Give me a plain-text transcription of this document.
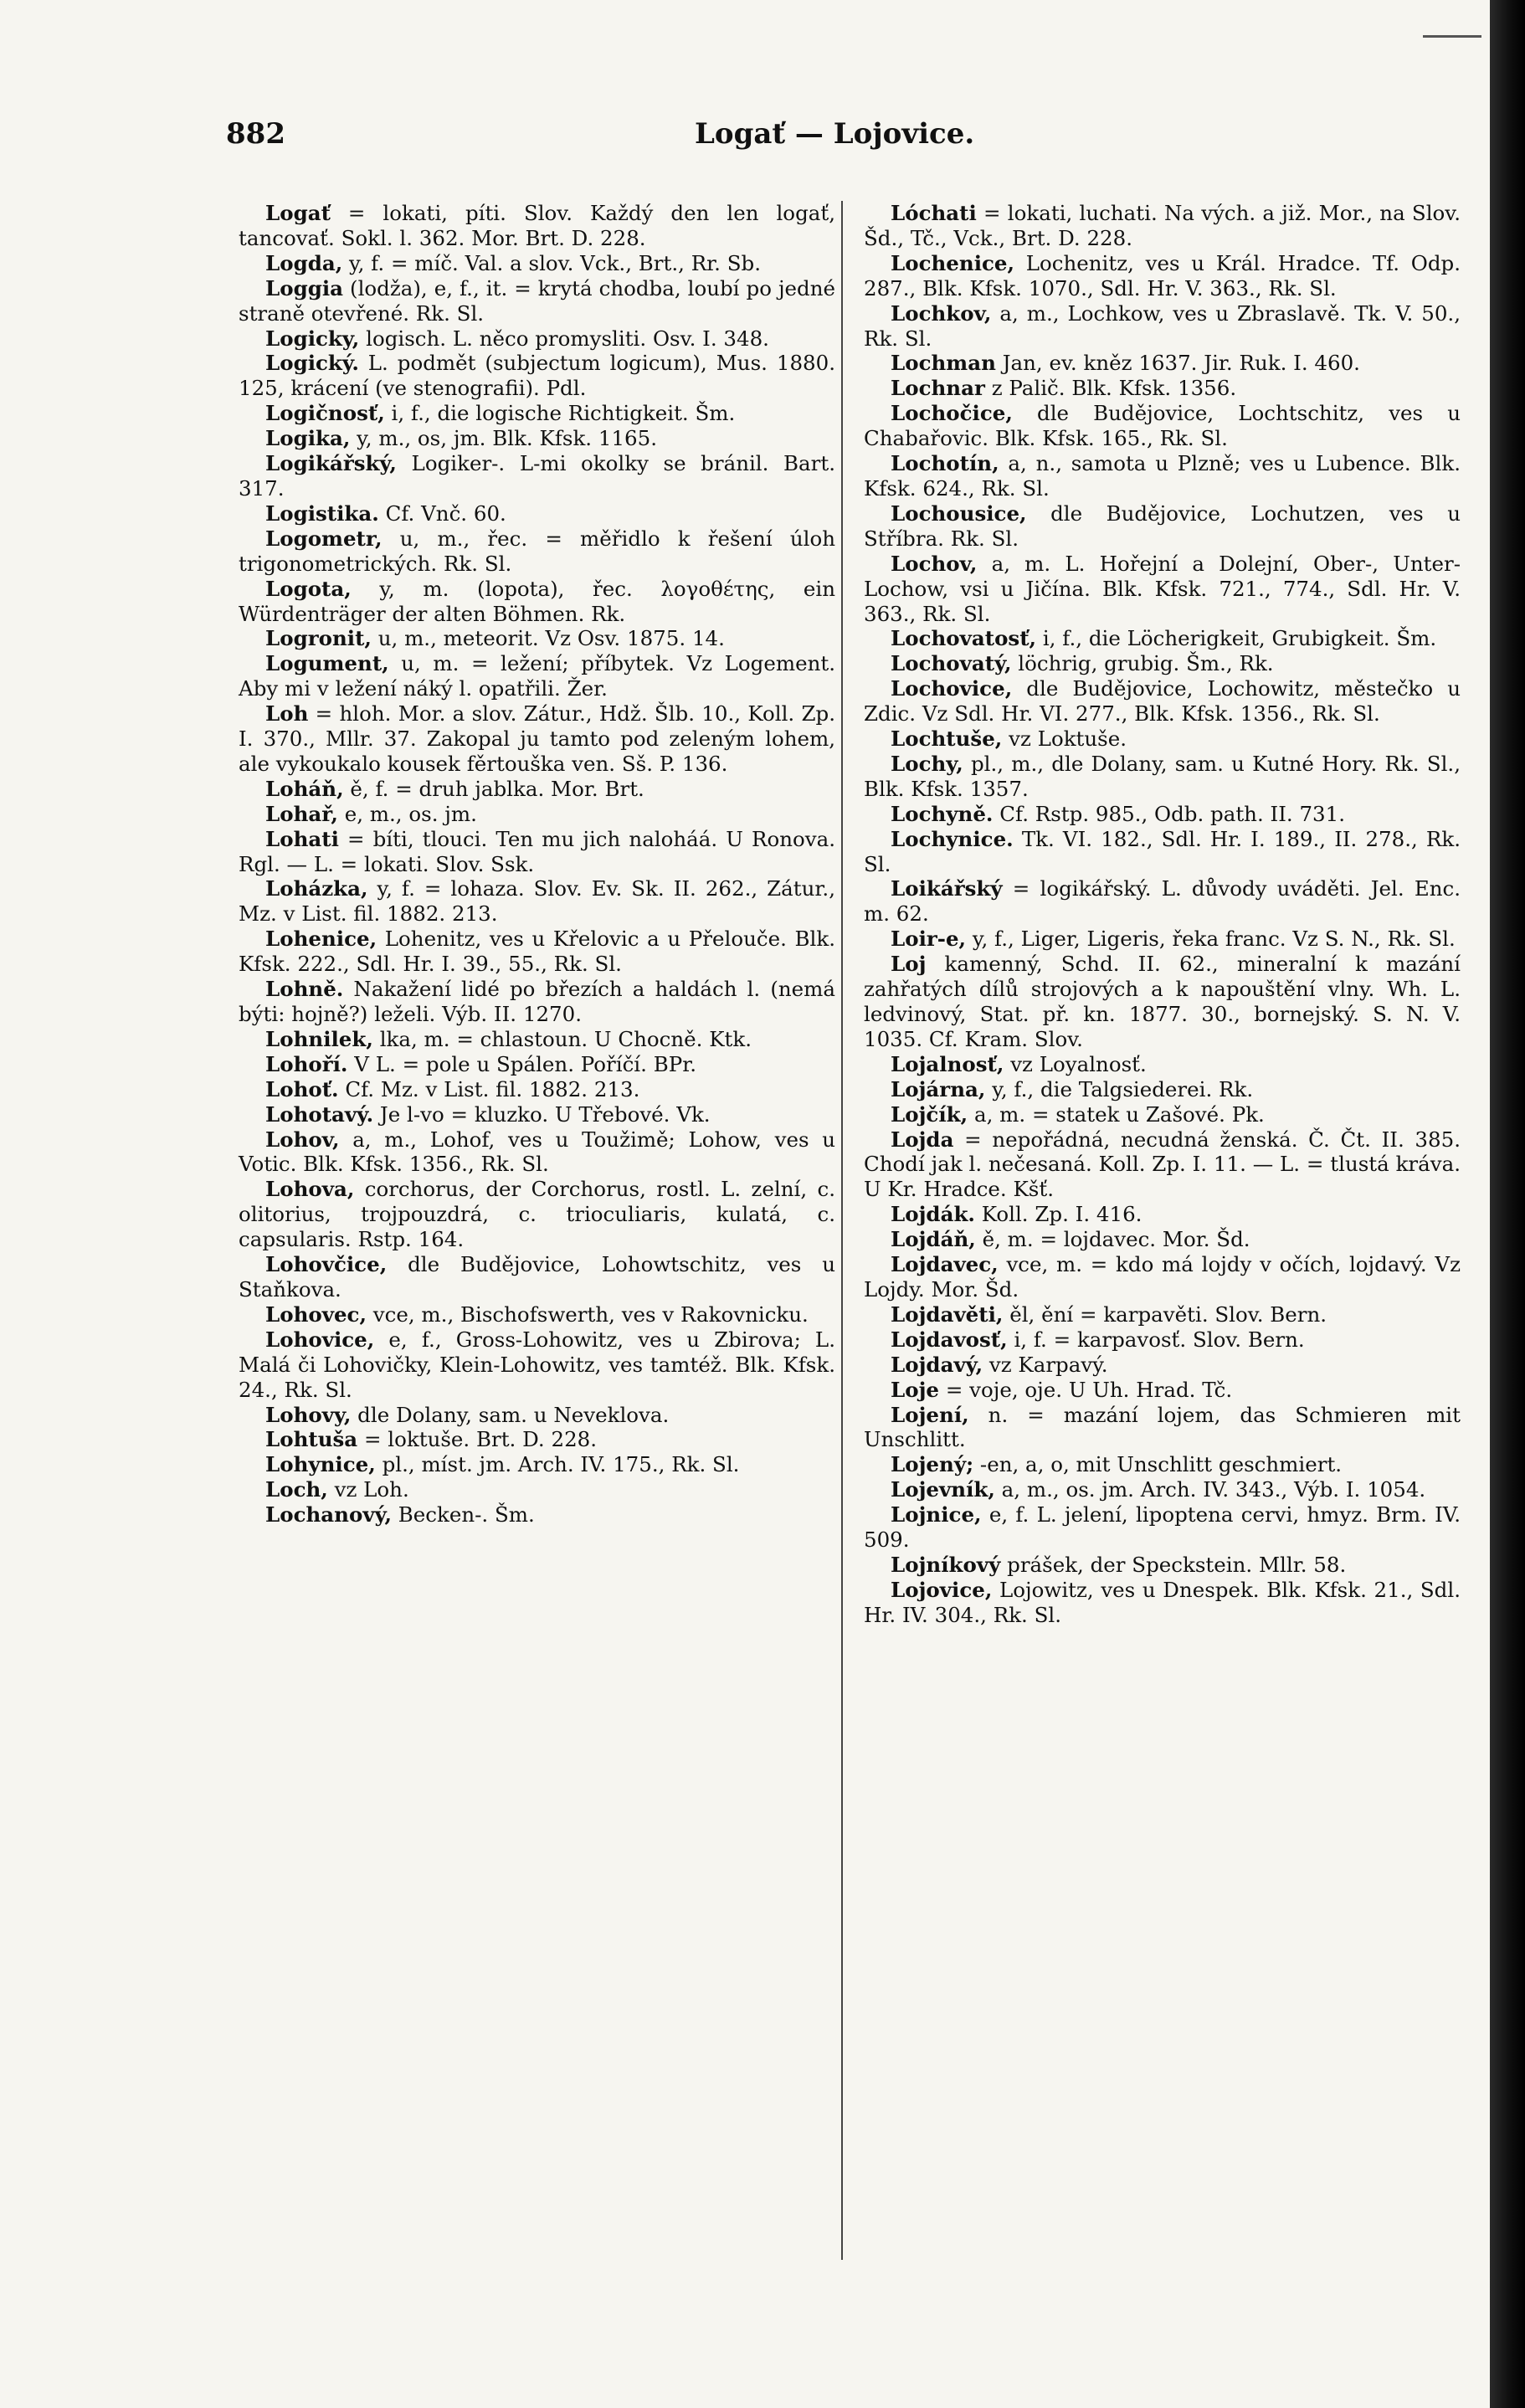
882	Logať — Lojovice.

Logať = lokati, píti. Slov. Každý den len logať, tancovať. Sokl. l. 362. Mor. Brt. D. 228.

Logda, y, f. = míč. Val. a slov. Vck., Brt., Rr. Sb.

Loggia (lodža), e, f., it. = krytá chodba, loubí po jedné straně otevřené. Rk. Sl.

Logicky, logisch. L. něco promysliti. Osv. I. 348.

Logický. L. podmět (subjectum logicum), Mus. 1880. 125, krácení (ve stenografii). Pdl.

Logičnosť, i, f., die logische Richtigkeit. Šm.

Logika, y, m., os, jm. Blk. Kfsk. 1165.

Logikářský, Logiker-. L-mi okolky se bránil. Bart. 317.

Logistika. Cf. Vnč. 60.

Logometr, u, m., řec. = měřidlo k řešení úloh trigonometrických. Rk. Sl.

Logota, y, m. (lopota), řec. λογοθέτης, ein Würdenträger der alten Böhmen. Rk.

Logronit, u, m., meteorit. Vz Osv. 1875. 14.

Logument, u, m. = ležení; příbytek. Vz Logement. Aby mi v ležení náký l. opatřili. Žer.

Loh = hloh. Mor. a slov. Zátur., Hdž. Šlb. 10., Koll. Zp. I. 370., Mllr. 37. Zakopal ju tamto pod zeleným lohem, ale vykoukalo kousek fěrtouška ven. Sš. P. 136.

Loháň, ě, f. = druh jablka. Mor. Brt.

Lohař, e, m., os. jm.

Lohati = bíti, tlouci. Ten mu jich naloháá. U Ronova. Rgl. — L. = lokati. Slov. Ssk.

Loházka, y, f. = lohaza. Slov. Ev. Sk. II. 262., Zátur., Mz. v List. fil. 1882. 213.

Lohenice, Lohenitz, ves u Křelovic a u Přelouče. Blk. Kfsk. 222., Sdl. Hr. I. 39., 55., Rk. Sl.

Lohně. Nakažení lidé po březích a haldách l. (nemá býti: hojně?) leželi. Výb. II. 1270.

Lohnilek, lka, m. = chlastoun. U Chocně. Ktk.

Lohoří. V L. = pole u Spálen. Poříčí. BPr.

Lohoť. Cf. Mz. v List. fil. 1882. 213.

Lohotavý. Je l-vo = kluzko. U Třebové. Vk.

Lohov, a, m., Lohof, ves u Toužimě; Lohow, ves u Votic. Blk. Kfsk. 1356., Rk. Sl.

Lohova, corchorus, der Corchorus, rostl. L. zelní, c. olitorius, trojpouzdrá, c. trioculiaris, kulatá, c. capsularis. Rstp. 164.

Lohovčice, dle Budějovice, Lohowtschitz, ves u Staňkova.

Lohovec, vce, m., Bischofswerth, ves v Rakovnicku.

Lohovice, e, f., Gross-Lohowitz, ves u Zbirova; L. Malá či Lohovičky, Klein-Lohowitz, ves tamtéž. Blk. Kfsk. 24., Rk. Sl.

Lohovy, dle Dolany, sam. u Neveklova.

Lohtuša = loktuše. Brt. D. 228.

Lohynice, pl., míst. jm. Arch. IV. 175., Rk. Sl.

Loch, vz Loh.

Lochanový, Becken-. Šm.

Lóchati = lokati, luchati. Na vých. a již. Mor., na Slov. Šd., Tč., Vck., Brt. D. 228.

Lochenice, Lochenitz, ves u Král. Hradce. Tf. Odp. 287., Blk. Kfsk. 1070., Sdl. Hr. V. 363., Rk. Sl.

Lochkov, a, m., Lochkow, ves u Zbraslavě. Tk. V. 50., Rk. Sl.

Lochman Jan, ev. kněz 1637. Jir. Ruk. I. 460.

Lochnar z Palič. Blk. Kfsk. 1356.

Lochočice, dle Budějovice, Lochtschitz, ves u Chabařovic. Blk. Kfsk. 165., Rk. Sl.

Lochotín, a, n., samota u Plzně; ves u Lubence. Blk. Kfsk. 624., Rk. Sl.

Lochousice, dle Budějovice, Lochutzen, ves u Stříbra. Rk. Sl.

Lochov, a, m. L. Hořejní a Dolejní, Ober-, Unter-Lochow, vsi u Jičína. Blk. Kfsk. 721., 774., Sdl. Hr. V. 363., Rk. Sl.

Lochovatosť, i, f., die Löcherigkeit, Grubigkeit. Šm.

Lochovatý, löchrig, grubig. Šm., Rk.

Lochovice, dle Budějovice, Lochowitz, městečko u Zdic. Vz Sdl. Hr. VI. 277., Blk. Kfsk. 1356., Rk. Sl.

Lochtuše, vz Loktuše.

Lochy, pl., m., dle Dolany, sam. u Kutné Hory. Rk. Sl., Blk. Kfsk. 1357.

Lochyně. Cf. Rstp. 985., Odb. path. II. 731.

Lochynice. Tk. VI. 182., Sdl. Hr. I. 189., II. 278., Rk. Sl.

Loikářský = logikářský. L. důvody uváděti. Jel. Enc. m. 62.

Loir-e, y, f., Liger, Ligeris, řeka franc. Vz S. N., Rk. Sl.

Loj kamenný, Schd. II. 62., mineralní k mazání zahřatých dílů strojových a k napouštění vlny. Wh. L. ledvinový, Stat. př. kn. 1877. 30., bornejský. S. N. V. 1035. Cf. Kram. Slov.

Lojalnosť, vz Loyalnosť.

Lojárna, y, f., die Talgsiederei. Rk.

Lojčík, a, m. = statek u Zašové. Pk.

Lojda = nepořádná, necudná ženská. Č. Čt. II. 385. Chodí jak l. nečesaná. Koll. Zp. I. 11. — L. = tlustá kráva. U Kr. Hradce. Kšť.

Lojdák. Koll. Zp. I. 416.

Lojdáň, ě, m. = lojdavec. Mor. Šd.

Lojdavec, vce, m. = kdo má lojdy v očích, lojdavý. Vz Lojdy. Mor. Šd.

Lojdavěti, ěl, ění = karpavěti. Slov. Bern.

Lojdavosť, i, f. = karpavosť. Slov. Bern.

Lojdavý, vz Karpavý.

Loje = voje, oje. U Uh. Hrad. Tč.

Lojení, n. = mazání lojem, das Schmieren mit Unschlitt.

Lojený; -en, a, o, mit Unschlitt geschmiert.

Lojevník, a, m., os. jm. Arch. IV. 343., Výb. I. 1054.

Lojnice, e, f. L. jelení, lipoptena cervi, hmyz. Brm. IV. 509.

Lojníkový prášek, der Speckstein. Mllr. 58.

Lojovice, Lojowitz, ves u Dnespek. Blk. Kfsk. 21., Sdl. Hr. IV. 304., Rk. Sl.
